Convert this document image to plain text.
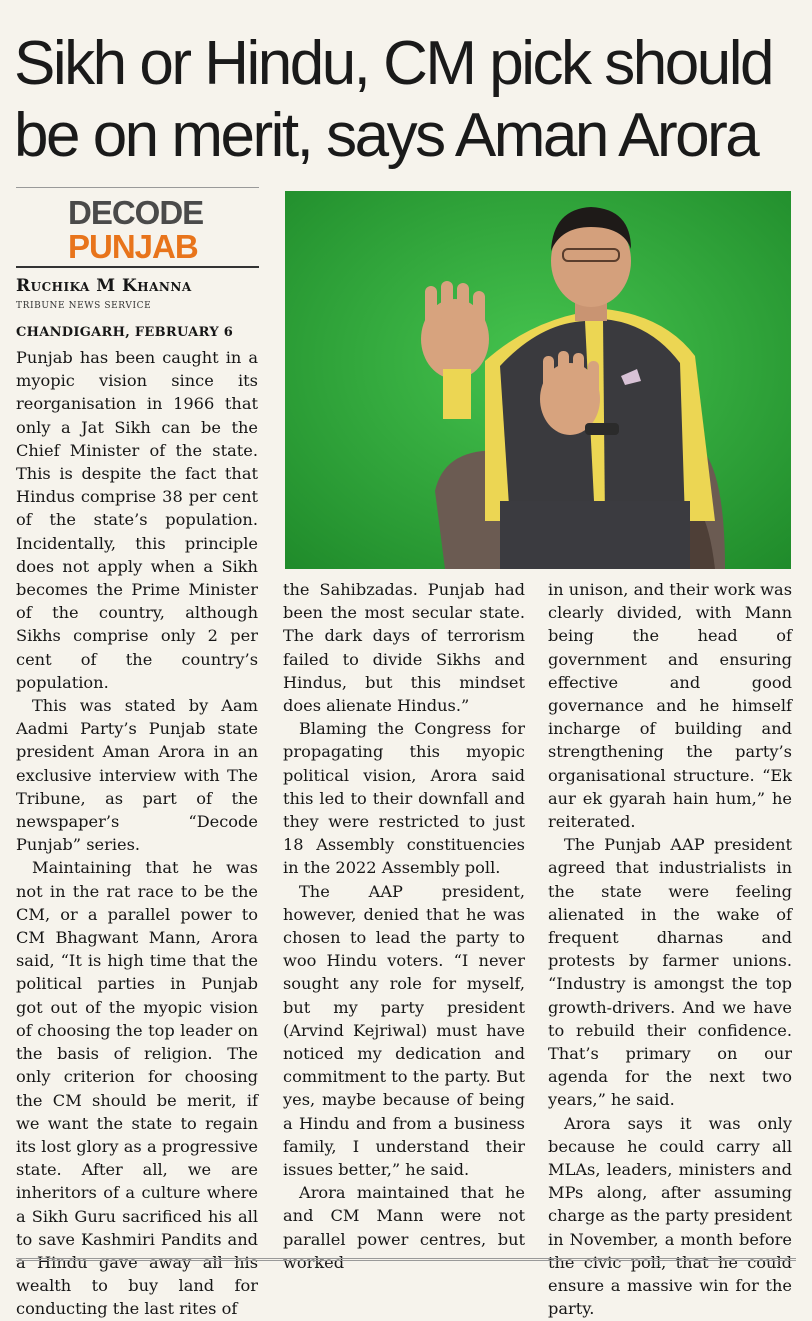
Sikh or Hindu, CM pick should be on merit, says Aman Arora
DECODE
PUNJAB
Ruchika M Khanna
TRIBUNE NEWS SERVICE
CHANDIGARH, FEBRUARY 6

Punjab has been caught in a myopic vision since its reorganisation in 1966 that only a Jat Sikh can be the Chief Minister of the state. This is despite the fact that Hindus comprise 38 per cent of the state’s population. Incidentally, this principle does not apply when a Sikh becomes the Prime Minister of the country, although Sikhs comprise only 2 per cent of the country’s population.

This was stated by Aam Aadmi Party’s Punjab state president Aman Arora in an exclusive interview with The Tribune, as part of the newspaper’s “Decode Punjab” series.

Maintaining that he was not in the rat race to be the CM, or a parallel power to CM Bhagwant Mann, Arora said, “It is high time that the political parties in Punjab got out of the myopic vision of choosing the top leader on the basis of religion. The only criterion for choosing the CM should be merit, if we want the state to regain its lost glory as a progressive state. After all, we are inheritors of a culture where a Sikh Guru sacrificed his all to save Kashmiri Pandits and a Hindu gave away all his wealth to buy land for conducting the last rites of

the Sahibzadas. Punjab had been the most secular state. The dark days of terrorism failed to divide Sikhs and Hindus, but this mindset does alienate Hindus.”

Blaming the Congress for propagating this myopic political vision, Arora said this led to their downfall and they were restricted to just 18 Assembly constituencies in the 2022 Assembly poll.

The AAP president, however, denied that he was chosen to lead the party to woo Hindu voters. “I never sought any role for myself, but my party president (Arvind Kejriwal) must have noticed my dedication and commitment to the party. But yes, maybe because of being a Hindu and from a business family, I understand their issues better,” he said.

Arora maintained that he and CM Mann were not parallel power centres, but worked

in unison, and their work was clearly divided, with Mann being the head of government and ensuring effective and good governance and he himself incharge of building and strengthening the party’s organisational structure. “Ek aur ek gyarah hain hum,” he reiterated.

The Punjab AAP president agreed that industrialists in the state were feeling alienated in the wake of frequent dharnas and protests by farmer unions. “Industry is amongst the top growth-drivers. And we have to rebuild their confidence. That’s primary on our agenda for the next two years,” he said.

Arora says it was only because he could carry all MLAs, leaders, ministers and MPs along, after assuming charge as the party president in November, a month before the civic poll, that he could ensure a massive win for the party.
